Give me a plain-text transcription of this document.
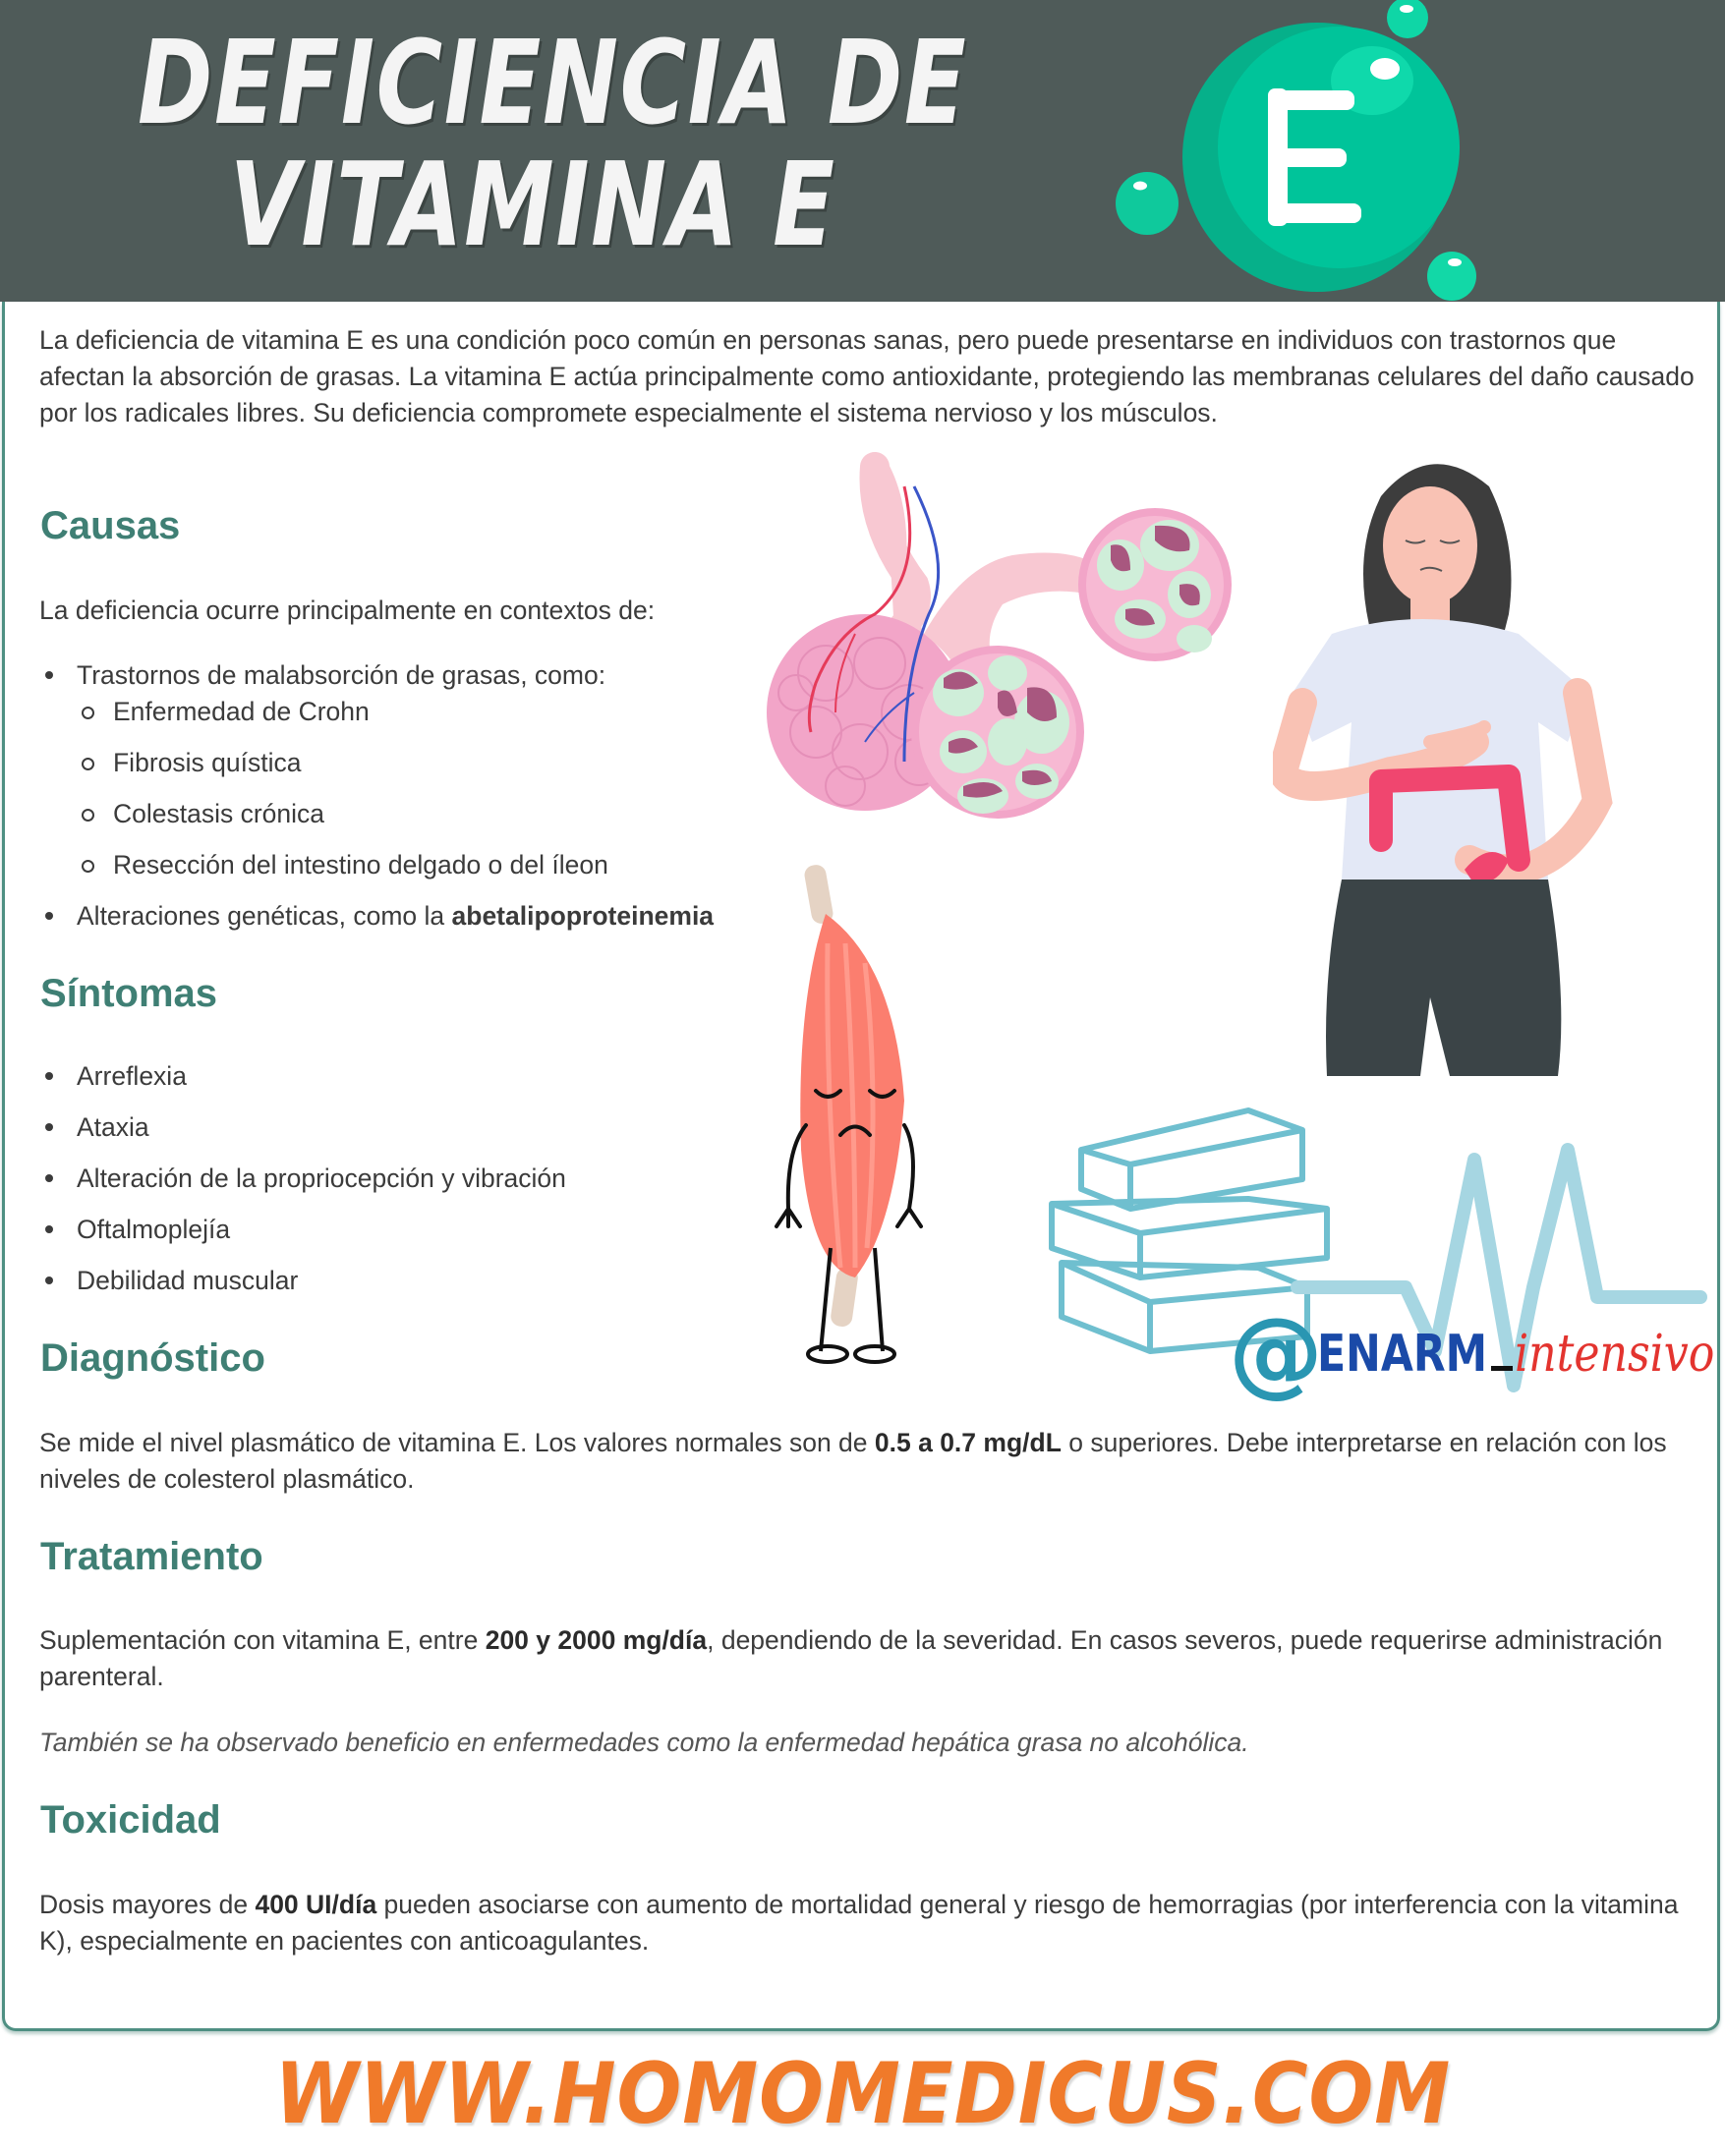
DEFICIENCIA DE
VITAMINA E
La deficiencia de vitamina E es una condición poco común en personas sanas, pero puede presentarse en individuos con trastornos que afectan la absorción de grasas. La vitamina E actúa principalmente como antioxidante, protegiendo las membranas celulares del daño causado por los radicales libres. Su deficiencia compromete especialmente el sistema nervioso y los músculos.
Causas
La deficiencia ocurre principalmente en contextos de:
Trastornos de malabsorción de grasas, como:
Enfermedad de Crohn
Fibrosis quística
Colestasis crónica
Resección del intestino delgado o del íleon
Alteraciones genéticas, como la abetalipoproteinemia
Síntomas
Arreflexia
Ataxia
Alteración de la propriocepción y vibración
Oftalmoplejía
Debilidad muscular
Diagnóstico
Se mide el nivel plasmático de vitamina E. Los valores normales son de 0.5 a 0.7 mg/dL o superiores. Debe interpretarse en relación con los niveles de colesterol plasmático.
Tratamiento
Suplementación con vitamina E, entre 200 y 2000 mg/día, dependiendo de la severidad. En casos severos, puede requerirse administración parenteral.
También se ha observado beneficio en enfermedades como la enfermedad hepática grasa no alcohólica.
Toxicidad
Dosis mayores de 400 UI/día pueden asociarse con aumento de mortalidad general y riesgo de hemorragias (por interferencia con la vitamina K), especialmente en pacientes con anticoagulantes.
@ENARM intensivo
WWW.HOMOMEDICUS.COM
